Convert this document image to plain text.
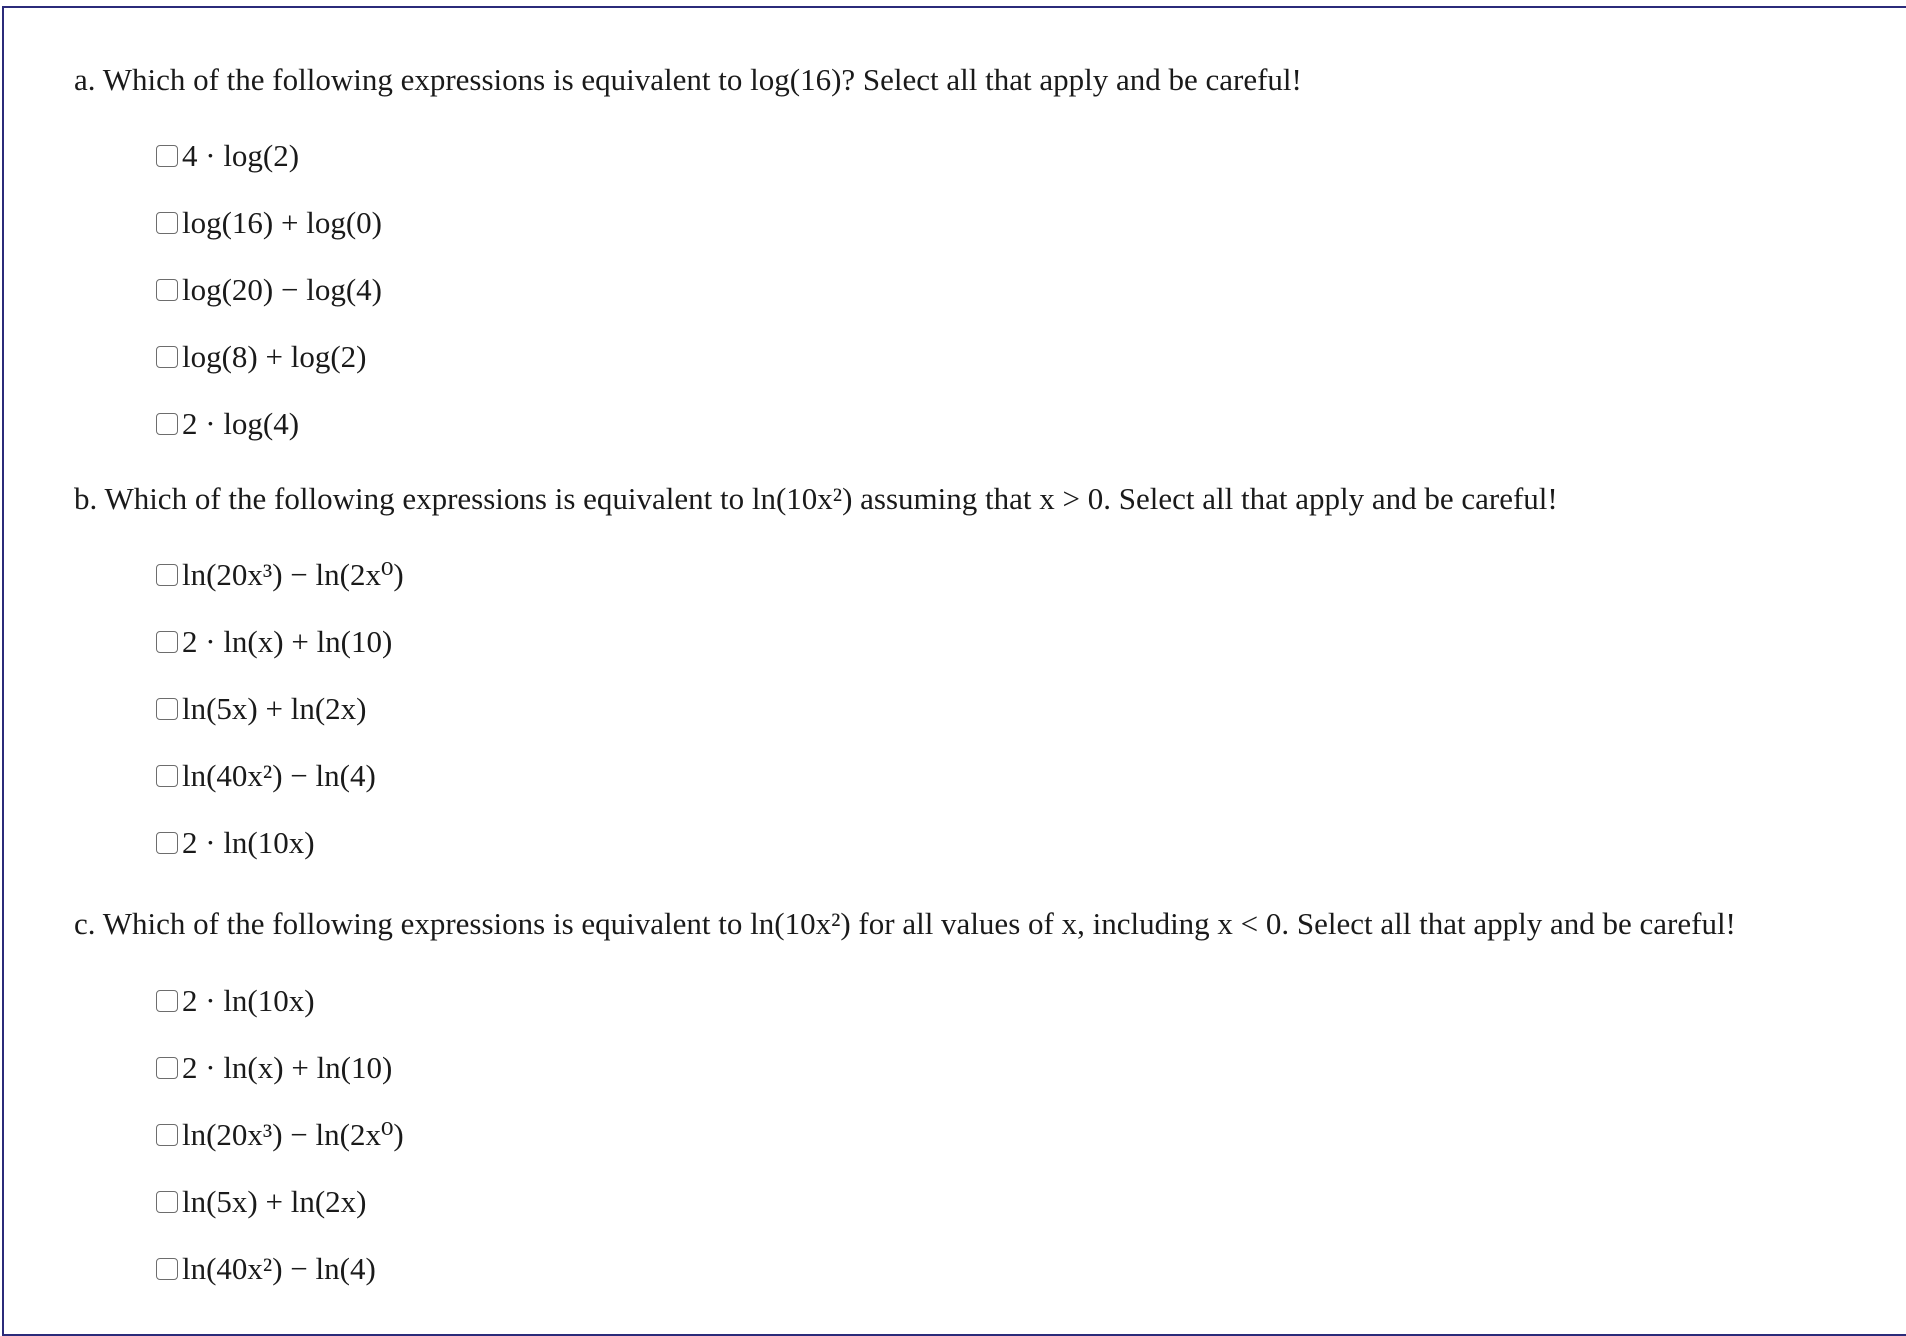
a. Which of the following expressions is equivalent to log(16)? Select all that apply and be careful!
4 · log(2)
log(16) + log(0)
log(20) − log(4)
log(8) + log(2)
2 · log(4)
b. Which of the following expressions is equivalent to ln(10x²) assuming that x > 0. Select all that apply and be careful!
ln(20x³) − ln(2x⁰)
2 · ln(x) + ln(10)
ln(5x) + ln(2x)
ln(40x²) − ln(4)
2 · ln(10x)
c. Which of the following expressions is equivalent to ln(10x²) for all values of x, including x < 0. Select all that apply and be careful!
2 · ln(10x)
2 · ln(x) + ln(10)
ln(20x³) − ln(2x⁰)
ln(5x) + ln(2x)
ln(40x²) − ln(4)
